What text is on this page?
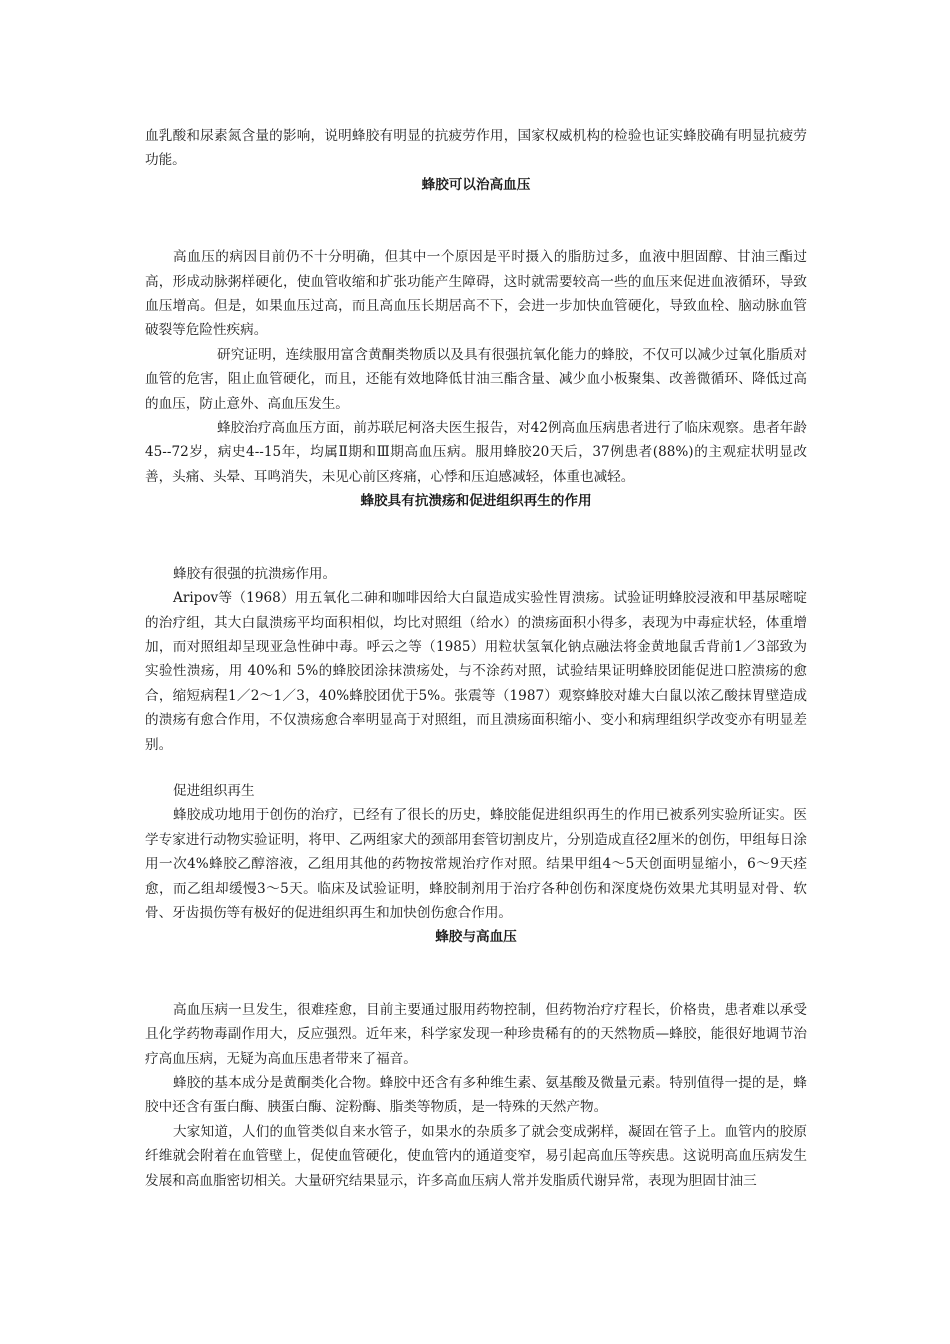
血乳酸和尿素氮含量的影响，说明蜂胶有明显的抗疲劳作用，国家权威机构的检验也证实蜂胶确有明显抗疲劳功能。

蜂胶可以治高血压

高血压的病因目前仍不十分明确，但其中一个原因是平时摄入的脂肪过多，血液中胆固醇、甘油三酯过高，形成动脉粥样硬化，使血管收缩和扩张功能产生障碍，这时就需要较高一些的血压来促进血液循环，导致血压增高。但是，如果血压过高，而且高血压长期居高不下，会进一步加快血管硬化，导致血栓、脑动脉血管破裂等危险性疾病。

研究证明，连续服用富含黄酮类物质以及具有很强抗氧化能力的蜂胶，不仅可以减少过氧化脂质对血管的危害，阻止血管硬化，而且，还能有效地降低甘油三酯含量、减少血小板聚集、改善微循环、降低过高的血压，防止意外、高血压发生。

蜂胶治疗高血压方面，前苏联尼柯洛夫医生报告，对42例高血压病患者进行了临床观察。患者年龄45--72岁，病史4--15年，均属Ⅱ期和Ⅲ期高血压病。服用蜂胶20天后，37例患者(88%)的主观症状明显改善，头痛、头晕、耳鸣消失，未见心前区疼痛，心悸和压迫感减轻，体重也减轻。

蜂胶具有抗溃疡和促进组织再生的作用

蜂胶有很强的抗溃疡作用。

Aripov等（1968）用五氧化二砷和咖啡因给大白鼠造成实验性胃溃疡。试验证明蜂胶浸液和甲基尿嘧啶的治疗组，其大白鼠溃疡平均面积相似，均比对照组（给水）的溃疡面积小得多，表现为中毒症状轻，体重增加，而对照组却呈现亚急性砷中毒。呼云之等（1985）用粒状氢氧化钠点融法将金黄地鼠舌背前1／3部致为实验性溃疡，用 40%和 5%的蜂胶团涂抹溃疡处，与不涂药对照，试验结果证明蜂胶团能促进口腔溃疡的愈合，缩短病程1／2～1／3，40%蜂胶团优于5%。张震等（1987）观察蜂胶对雄大白鼠以浓乙酸抹胃壁造成的溃疡有愈合作用，不仅溃疡愈合率明显高于对照组，而且溃疡面积缩小、变小和病理组织学改变亦有明显差别。

促进组织再生

蜂胶成功地用于创伤的治疗，已经有了很长的历史，蜂胶能促进组织再生的作用已被系列实验所证实。医学专家进行动物实验证明，将甲、乙两组家犬的颈部用套管切割皮片，分别造成直径2厘米的创伤，甲组每日涂用一次4%蜂胶乙醇溶液，乙组用其他的药物按常规治疗作对照。结果甲组4～5天创面明显缩小，6～9天痊愈，而乙组却缓慢3～5天。临床及试验证明，蜂胶制剂用于治疗各种创伤和深度烧伤效果尤其明显对骨、软骨、牙齿损伤等有极好的促进组织再生和加快创伤愈合作用。

蜂胶与高血压

高血压病一旦发生，很难痊愈，目前主要通过服用药物控制，但药物治疗疗程长，价格贵，患者难以承受且化学药物毒副作用大，反应强烈。近年来，科学家发现一种珍贵稀有的的天然物质—蜂胶，能很好地调节治疗高血压病，无疑为高血压患者带来了福音。

蜂胶的基本成分是黄酮类化合物。蜂胶中还含有多种维生素、氨基酸及微量元素。特别值得一提的是，蜂胶中还含有蛋白酶、胰蛋白酶、淀粉酶、脂类等物质，是一特殊的天然产物。

大家知道，人们的血管类似自来水管子，如果水的杂质多了就会变成粥样，凝固在管子上。血管内的胶原纤维就会附着在血管壁上，促使血管硬化，使血管内的通道变窄，易引起高血压等疾患。这说明高血压病发生发展和高血脂密切相关。大量研究结果显示，许多高血压病人常并发脂质代谢异常，表现为胆固甘油三
